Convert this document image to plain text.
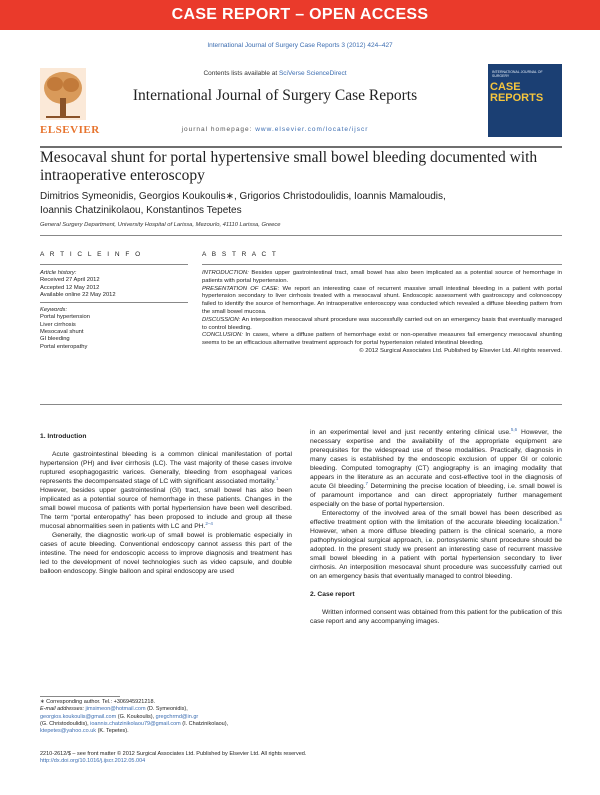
CASE REPORT – OPEN ACCESS
International Journal of Surgery Case Reports 3 (2012) 424–427
ELSEVIER
Contents lists available at SciVerse ScienceDirect
International Journal of Surgery Case Reports
journal homepage: www.elsevier.com/locate/ijscr
INTERNATIONAL JOURNAL OF SURGERY
CASE REPORTS
Mesocaval shunt for portal hypertensive small bowel bleeding documented with intraoperative enteroscopy
Dimitrios Symeonidis, Georgios Koukoulis∗, Grigorios Christodoulidis, Ioannis Mamaloudis,
Ioannis Chatzinikolaou, Konstantinos Tepetes
General Surgery Department, University Hospital of Larissa, Mezourlo, 41110 Larissa, Greece
A R T I C L E I N F O	A B S T R A C T
Article history:
Received 27 April 2012
Accepted 12 May 2012
Available online 22 May 2012
Keywords:
Portal hypertension
Liver cirrhosis
Mesocaval shunt
GI bleeding
Portal enteropathy

INTRODUCTION: Besides upper gastrointestinal tract, small bowel has also been implicated as a potential source of hemorrhage in patients with portal hypertension.

PRESENTATION OF CASE: We report an interesting case of recurrent massive small intestinal bleeding in a patient with portal hypertension secondary to liver cirrhosis treated with a mesocaval shunt. Endoscopic assessment with gastroscopy and colonoscopy failed to identify the source of hemorrhage. An intraoperative enteroscopy was conducted which revealed a diffuse bleeding pattern from the small bowel mucosa.

DISCUSSION: An interposition mesocaval shunt procedure was successfully carried out on an emergency basis that eventually managed to control bleeding.

CONCLUSION: In cases, where a diffuse pattern of hemorrhage exist or non-operative measures fail emergency mesocaval shunting seems to be an efficacious alternative treatment approach for portal hypertension related intestinal bleeding.

© 2012 Surgical Associates Ltd. Published by Elsevier Ltd. All rights reserved.

1. Introduction

Acute gastrointestinal bleeding is a common clinical manifestation of portal hypertension (PH) and liver cirrhosis (LC). The vast majority of these cases involve ruptured esophagogastric varices. Generally, bleeding from esophageal varices represents the decompensated stage of LC with significant associated mortality.$^1$
However, besides upper gastrointestinal (GI) tract, small bowel has also been implicated as a potential source of hemorrhage in these patients. Changes in the small bowel mucosa of patients with portal hypertension have been well described. The term “portal enteropathy” has been proposed to include and group all these mucosal abnormalities seen in patients with LC and PH.$^{2-4}$

Generally, the diagnostic work-up of small bowel is problematic especially in cases of acute bleeding. Conventional endoscopy cannot assess this part of the intestine. The need for endoscopic access to improve diagnosis and treatment has led to the development of novel technologies such as video capsule, and double balloon endoscopy. Single balloon and spiral endoscopy are used

in an experimental level and just recently entering clinical use.$^{5,6}$ However, the necessary expertise and the availability of the appropriate equipment are prerequisites for the widespread use of these modalities. Practically, diagnosis in many cases is established by the endoscopic exclusion of upper GI or colonic bleeding. Computed tomography (CT) angiography is an imaging modality that appears in the literature as an accurate and cost-effective tool in the diagnosis of acute GI bleeding.$^7$ Determining the precise location of bleeding, i.e. small bowel is of paramount importance and can direct appropriately further management especially on the base of portal hypertension.

Enterectomy of the involved area of the small bowel has been described as effective treatment option with the limitation of the accurate bleeding localization.$^8$ However, when a more diffuse bleeding pattern is the clinical scenario, a more pathophysiological surgical approach, i.e. portosystemic shunt procedure should be adopted. In the present study we present an interesting case of recurrent massive small bowel bleeding in a patient with portal hypertension secondary to liver cirrhosis. An interposition mesocaval shunt procedure was successfully carried out on an emergency basis that eventually managed to control bleeding.

2. Case report

Written informed consent was obtained from this patient for the publication of this case report and any accompanying images.

∗ Corresponding author. Tel.: +306945921218.
E-mail addresses: jimsimeon@hotmail.com (D. Symeonidis),
georgios.koukoulis@gmail.com (G. Koukoulis), gregchrmd@in.gr
(G. Christodoulidis), ioannis.chatzinikolaou79@gmail.com (I. Chatzinikolaou),
ktepetes@yahoo.co.uk (K. Tepetes).
2210-2612/$ – see front matter © 2012 Surgical Associates Ltd. Published by Elsevier Ltd. All rights reserved.
http://dx.doi.org/10.1016/j.ijscr.2012.05.004
